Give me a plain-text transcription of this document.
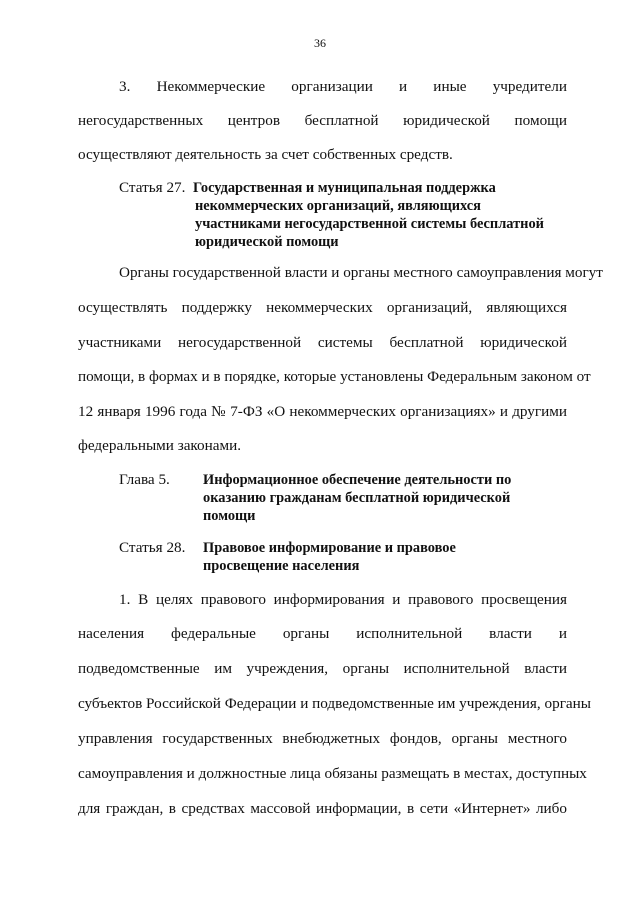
36
3. Некоммерческие организации и иные учредители
негосударственных центров бесплатной юридической помощи
осуществляют деятельность за счет собственных средств.
Статья 27. Государственная и муниципальная поддержка
некоммерческих организаций, являющихся
участниками негосударственной системы бесплатной
юридической помощи
Органы государственной власти и органы местного самоуправления могут
осуществлять поддержку некоммерческих организаций, являющихся
участниками негосударственной системы бесплатной юридической
помощи, в формах и в порядке, которые установлены Федеральным законом от
12 января 1996 года № 7-ФЗ «О некоммерческих организациях» и другими
федеральными законами.
Глава 5. Информационное обеспечение деятельности по
оказанию гражданам бесплатной юридической
помощи
Статья 28. Правовое информирование и правовое
просвещение населения
1. В целях правового информирования и правового просвещения
населения федеральные органы исполнительной власти и
подведомственные им учреждения, органы исполнительной власти
субъектов Российской Федерации и подведомственные им учреждения, органы
управления государственных внебюджетных фондов, органы местного
самоуправления и должностные лица обязаны размещать в местах, доступных
для граждан, в средствах массовой информации, в сети «Интернет» либо
